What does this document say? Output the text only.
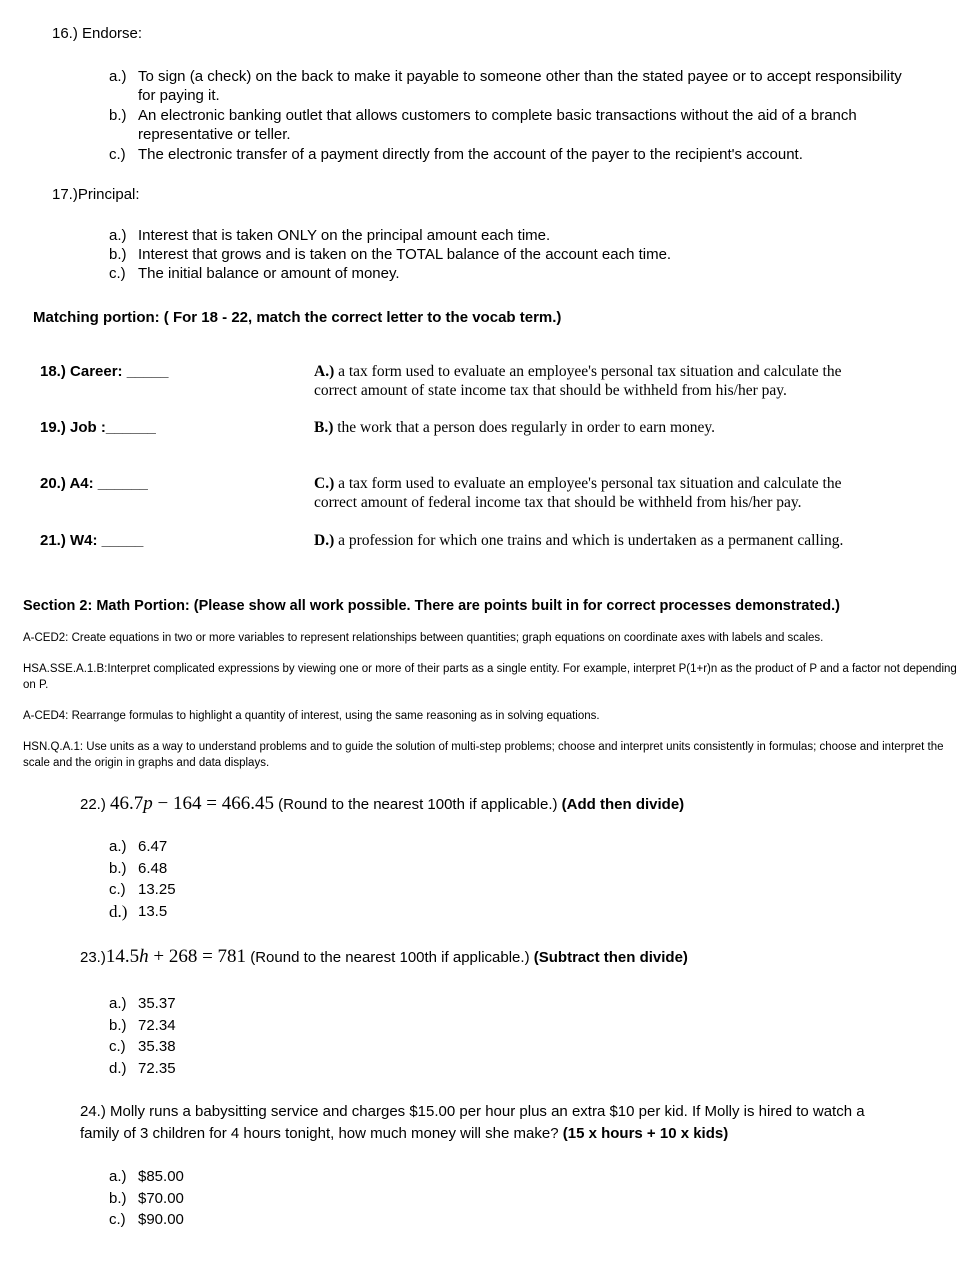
16.) Endorse:
a.) To sign (a check) on the back to make it payable to someone other than the stated payee or to accept responsibility
for paying it.
b.) An electronic banking outlet that allows customers to complete basic transactions without the aid of a branch
representative or teller.
c.) The electronic transfer of a payment directly from the account of the payer to the recipient's account.
17.)Principal:
a.) Interest that is taken ONLY on the principal amount each time.
b.) Interest that grows and is taken on the TOTAL balance of the account each time.
c.) The initial balance or amount of money.
Matching portion: ( For 18 - 22, match the correct letter to the vocab term.)
18.) Career: _____	A.) a tax form used to evaluate an employee's personal tax situation and calculate the
correct amount of state income tax that should be withheld from his/her pay.
19.) Job :______	B.) the work that a person does regularly in order to earn money.
20.) A4: ______	C.) a tax form used to evaluate an employee's personal tax situation and calculate the
correct amount of federal income tax that should be withheld from his/her pay.
21.) W4: _____	D.) a profession for which one trains and which is undertaken as a permanent calling.
Section 2: Math Portion: (Please show all work possible. There are points built in for correct processes demonstrated.)
A-CED2: Create equations in two or more variables to represent relationships between quantities; graph equations on coordinate axes with labels and scales.
HSA.SSE.A.1.B:Interpret complicated expressions by viewing one or more of their parts as a single entity. For example, interpret P(1+r)n as the product of P and a factor not depending on P.
A-CED4: Rearrange formulas to highlight a quantity of interest, using the same reasoning as in solving equations.
HSN.Q.A.1: Use units as a way to understand problems and to guide the solution of multi-step problems; choose and interpret units consistently in formulas; choose and interpret the scale and the origin in graphs and data displays.
22.) 46.7p − 164 = 466.45 (Round to the nearest 100th if applicable.) (Add then divide)
a.) 6.47
b.) 6.48
c.) 13.25
d.) 13.5
23.)14.5h + 268 = 781 (Round to the nearest 100th if applicable.) (Subtract then divide)
a.) 35.37
b.) 72.34
c.) 35.38
d.) 72.35
24.) Molly runs a babysitting service and charges $15.00 per hour plus an extra $10 per kid. If Molly is hired to watch a
family of 3 children for 4 hours tonight, how much money will she make? (15 x hours + 10 x kids)
a.) $85.00
b.) $70.00
c.) $90.00
